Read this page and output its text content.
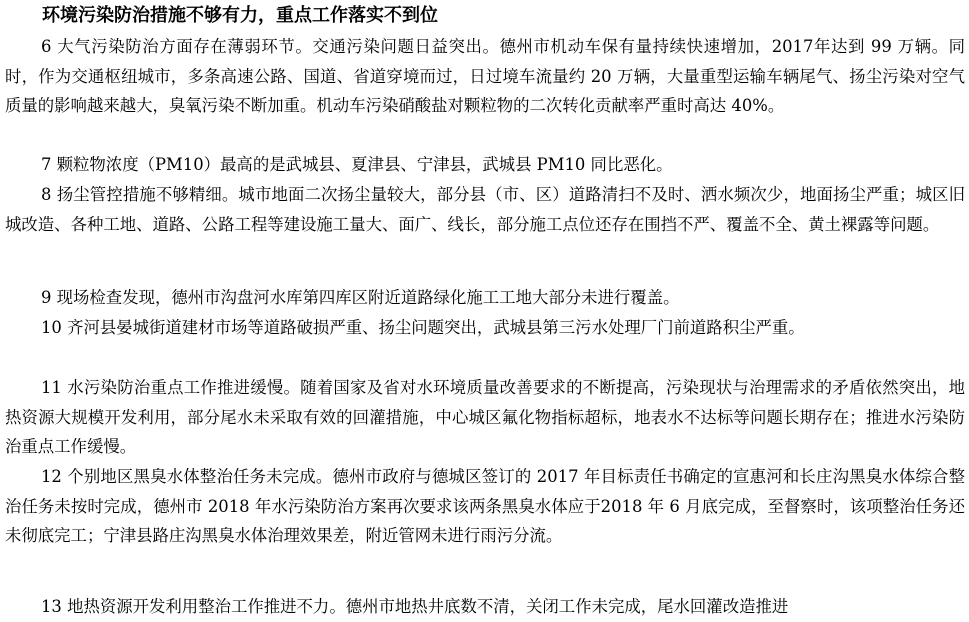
环境污染防治措施不够有力，重点工作落实不到位

6 大气污染防治方面存在薄弱环节。交通污染问题日益突出。德州市机动车保有量持续快速增加，2017年达到 99 万辆。同时，作为交通枢纽城市，多条高速公路、国道、省道穿境而过，日过境车流量约 20 万辆，大量重型运输车辆尾气、扬尘污染对空气质量的影响越来越大，臭氧污染不断加重。机动车污染硝酸盐对颗粒物的二次转化贡献率严重时高达 40%。

7 颗粒物浓度（PM10）最高的是武城县、夏津县、宁津县，武城县 PM10 同比恶化。

8 扬尘管控措施不够精细。城市地面二次扬尘量较大，部分县（市、区）道路清扫不及时、洒水频次少，地面扬尘严重；城区旧城改造、各种工地、道路、公路工程等建设施工量大、面广、线长，部分施工点位还存在围挡不严、覆盖不全、黄土裸露等问题。

9 现场检查发现，德州市沟盘河水库第四库区附近道路绿化施工工地大部分未进行覆盖。

10 齐河县晏城街道建材市场等道路破损严重、扬尘问题突出，武城县第三污水处理厂门前道路积尘严重。

11 水污染防治重点工作推进缓慢。随着国家及省对水环境质量改善要求的不断提高，污染现状与治理需求的矛盾依然突出，地热资源大规模开发利用，部分尾水未采取有效的回灌措施，中心城区氟化物指标超标，地表水不达标等问题长期存在；推进水污染防治重点工作缓慢。

12 个别地区黑臭水体整治任务未完成。德州市政府与德城区签订的 2017 年目标责任书确定的宣惠河和长庄沟黑臭水体综合整治任务未按时完成，德州市 2018 年水污染防治方案再次要求该两条黑臭水体应于2018 年 6 月底完成，至督察时，该项整治任务还未彻底完工；宁津县路庄沟黑臭水体治理效果差，附近管网未进行雨污分流。

13 地热资源开发利用整治工作推进不力。德州市地热井底数不清，关闭工作未完成，尾水回灌改造推进
